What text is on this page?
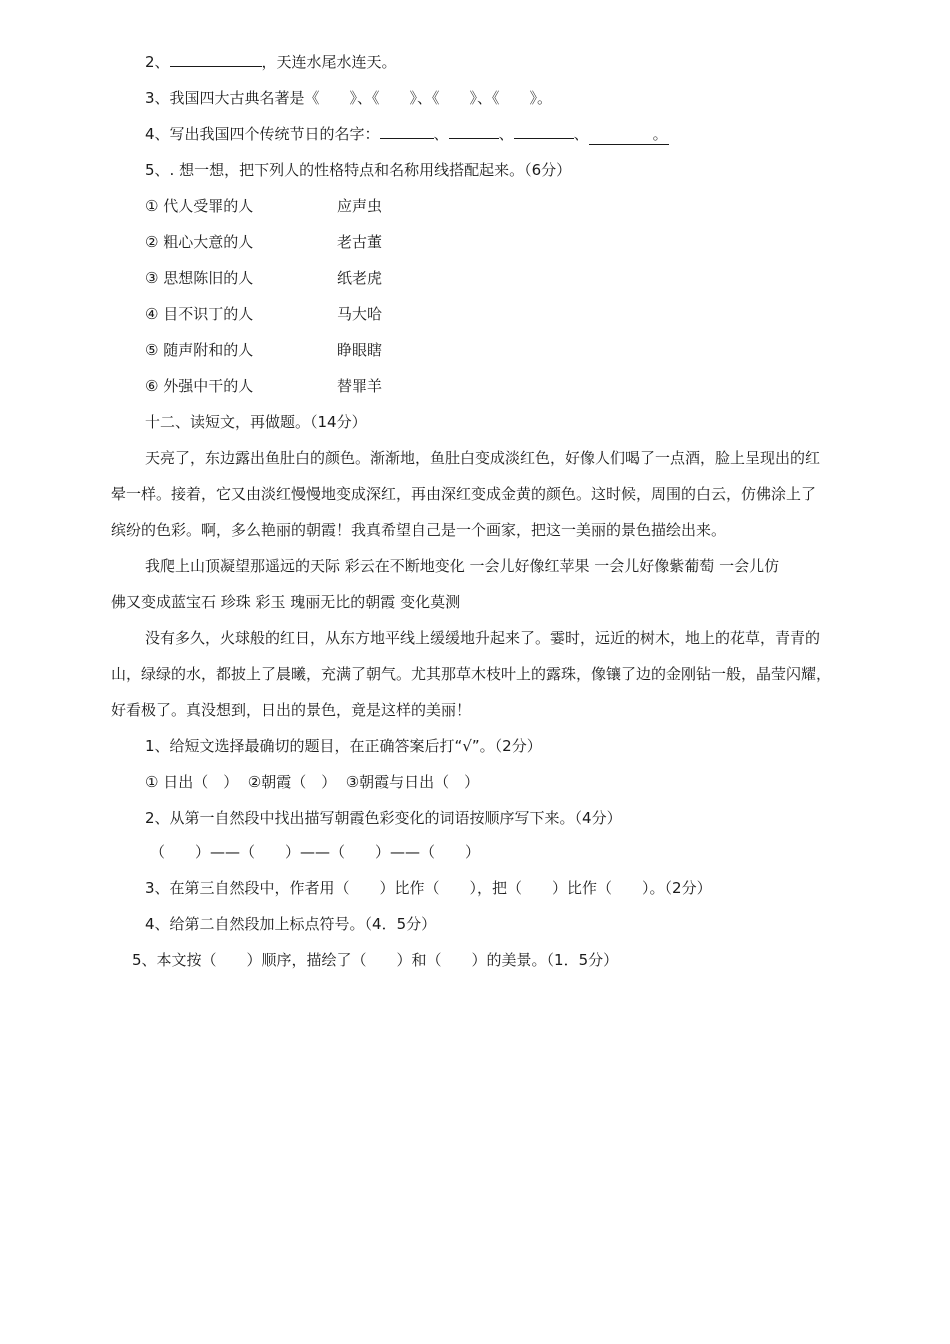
2、	，天连水尾水连天。
3、我国四大古典名著是《　　》、《　　》、《　　》、《　　》。
4、写出我国四个传统节日的名字：	、	、	、	。
5、. 想一想，把下列人的性格特点和名称用线搭配起来。（6分）
① 代人受罪的人	应声虫
② 粗心大意的人	老古董
③ 思想陈旧的人	纸老虎
④ 目不识丁的人	马大哈
⑤ 随声附和的人	睁眼瞎
⑥ 外强中干的人	替罪羊
十二、读短文，再做题。（14分）
天亮了，东边露出鱼肚白的颜色。渐渐地，鱼肚白变成淡红色，好像人们喝了一点酒，脸上呈现出的红
晕一样。接着，它又由淡红慢慢地变成深红，再由深红变成金黄的颜色。这时候，周围的白云，仿佛涂上了
缤纷的色彩。啊，多么艳丽的朝霞！我真希望自己是一个画家，把这一美丽的景色描绘出来。
我爬上山顶凝望那遥远的天际 彩云在不断地变化 一会儿好像红苹果 一会儿好像紫葡萄 一会儿仿
佛又变成蓝宝石 珍珠 彩玉 瑰丽无比的朝霞 变化莫测
没有多久，火球般的红日，从东方地平线上缓缓地升起来了。霎时，远近的树木，地上的花草，青青的
山，绿绿的水，都披上了晨曦，充满了朝气。尤其那草木枝叶上的露珠，像镶了边的金刚钻一般，晶莹闪耀，
好看极了。真没想到，日出的景色，竟是这样的美丽！
1、给短文选择最确切的题目，在正确答案后打“√”。（2分）
① 日出（　）  ②朝霞（　）  ③朝霞与日出（　）
2、从第一自然段中找出描写朝霞色彩变化的词语按顺序写下来。（4分）
（　　）——（　　）——（　　）——（　　）
3、在第三自然段中，作者用（　　）比作（　　），把（　　）比作（　　）。（2分）
4、给第二自然段加上标点符号。（4．5分）
5、本文按（　　）顺序，描绘了（　　）和（　　）的美景。（1．5分）
